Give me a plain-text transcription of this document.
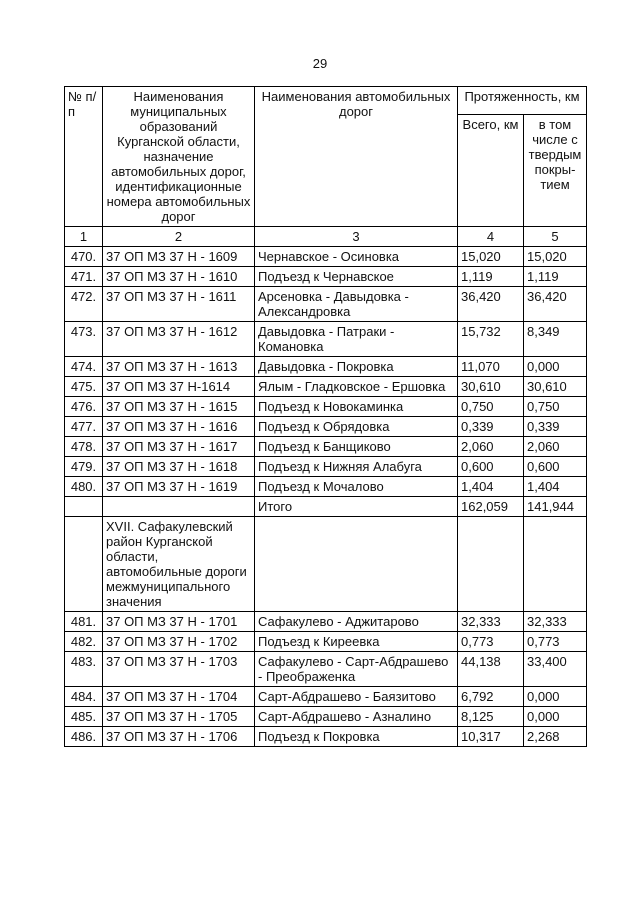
29
№ п/п	Наименования муниципальных образований Курганской области, назначение автомобильных дорог, идентификационные номера автомобильных дорог	Наименования автомобильных дорог	Протяженность, км	
			Всего, км	в том числе с твердым покры-тием
1	2	3	4	5
470.	37 ОП МЗ 37 Н - 1609	Чернавское - Осиновка	15,020	15,020
471.	37 ОП МЗ 37 Н - 1610	Подъезд к Чернавское	1,119	1,119
472.	37 ОП МЗ 37 Н - 1611	Арсеновка - Давыдовка - Александровка	36,420	36,420
473.	37 ОП МЗ 37 Н - 1612	Давыдовка - Патраки - Комановка	15,732	8,349
474.	37 ОП МЗ 37 Н - 1613	Давыдовка - Покровка	11,070	0,000
475.	37 ОП МЗ 37 Н-1614	Ялым - Гладковское - Ершовка	30,610	30,610
476.	37 ОП МЗ 37 Н - 1615	Подъезд к Новокаминка	0,750	0,750
477.	37 ОП МЗ 37 Н - 1616	Подъезд к Обрядовка	0,339	0,339
478.	37 ОП МЗ 37 Н - 1617	Подъезд к Банщиково	2,060	2,060
479.	37 ОП МЗ 37 Н - 1618	Подъезд к Нижняя Алабуга	0,600	0,600
480.	37 ОП МЗ 37 Н - 1619	Подъезд к Мочалово	1,404	1,404
		Итого	162,059	141,944
	XVII. Сафакулевский район Курганской области, автомобильные дороги межмуниципального значения			
481.	37 ОП МЗ 37 Н - 1701	Сафакулево - Аджитарово	32,333	32,333
482.	37 ОП МЗ 37 Н - 1702	Подъезд к Киреевка	0,773	0,773
483.	37 ОП МЗ 37 Н - 1703	Сафакулево - Сарт-Абдрашево - Преображенка	44,138	33,400
484.	37 ОП МЗ 37 Н - 1704	Сарт-Абдрашево - Баязитово	6,792	0,000
485.	37 ОП МЗ 37 Н - 1705	Сарт-Абдрашево - Азналино	8,125	0,000
486.	37 ОП МЗ 37 Н - 1706	Подъезд к Покровка	10,317	2,268
